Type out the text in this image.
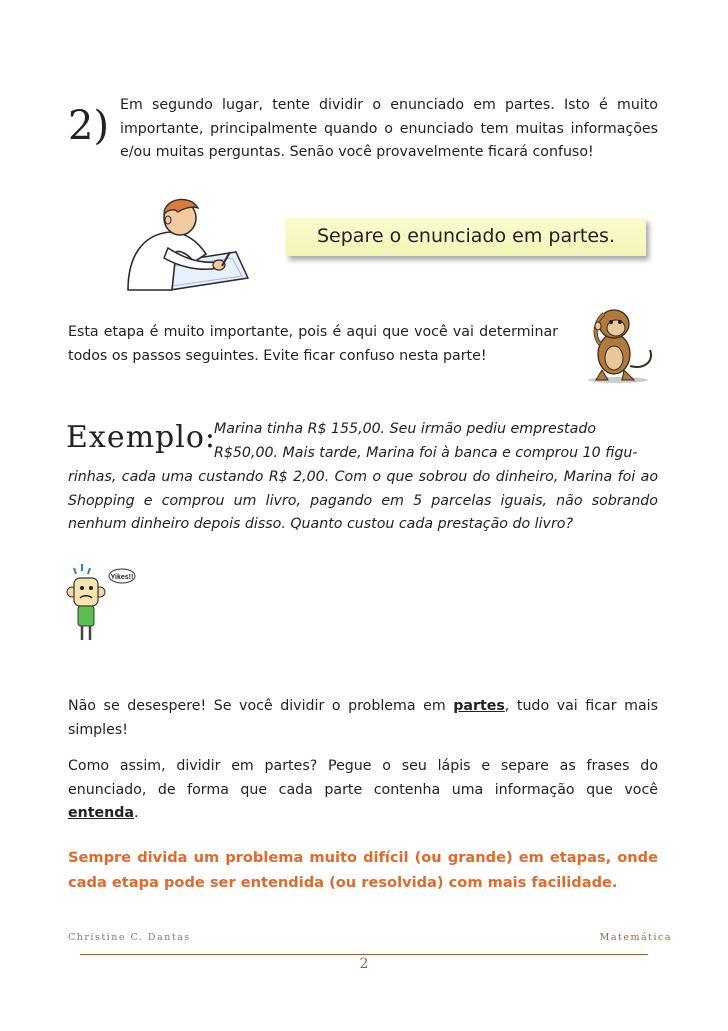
2) Em segundo lugar, tente dividir o enunciado em partes. Isto é muito importante, principalmente quando o enunciado tem muitas informações e/ou muitas perguntas. Senão você provavelmente ficará confuso!
Separe o enunciado em partes.
Esta etapa é muito importante, pois é aqui que você vai determinar todos os passos seguintes. Evite ficar confuso nesta parte!
Exemplo:
Marina tinha R$ 155,00. Seu irmão pediu emprestado
R$50,00. Mais tarde, Marina foi à banca e comprou 10 figu-
rinhas, cada uma custando R$ 2,00. Com o que sobrou do dinheiro, Marina foi ao Shopping e comprou um livro, pagando em 5 parcelas iguais, não sobrando nenhum dinheiro depois disso. Quanto custou cada prestação do livro?
Yikes!!
Não se desespere! Se você dividir o problema em partes, tudo vai ficar mais simples!
Como assim, dividir em partes? Pegue o seu lápis e separe as frases do enunciado, de forma que cada parte contenha uma informação que você entenda.
Sempre divida um problema muito difícil (ou grande) em etapas, onde cada etapa pode ser entendida (ou resolvida) com mais facilidade.
Christine C. Dantas	Matemática
2
